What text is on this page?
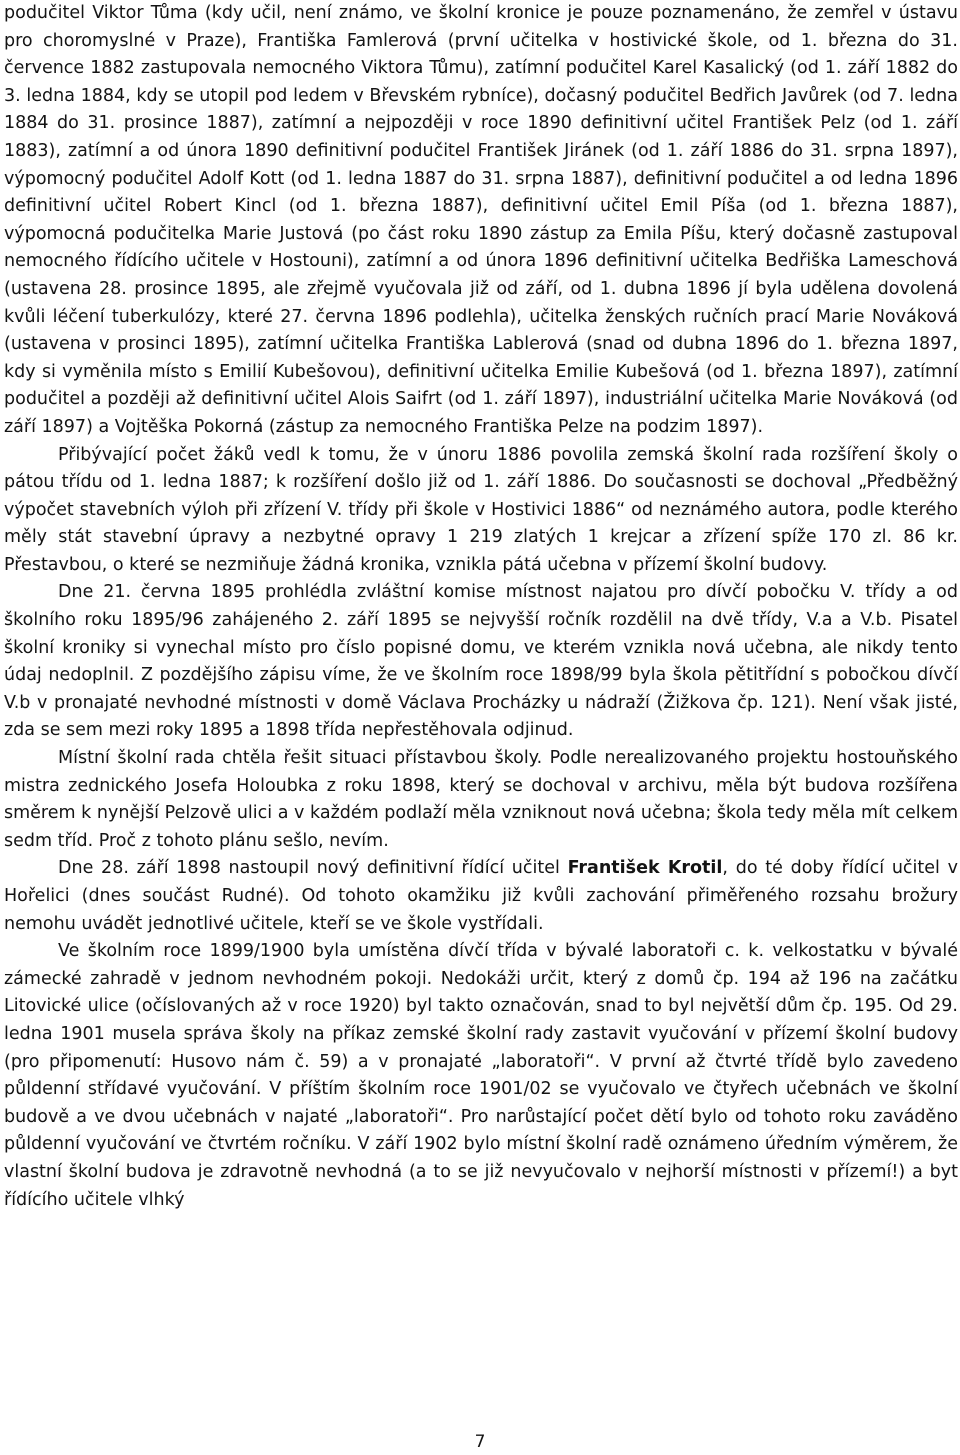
podučitel Viktor Tůma (kdy učil, není známo, ve školní kronice je pouze poznamenáno, že zemřel v ústavu pro choromyslné v Praze), Františka Famlerová (první učitelka v hostivické škole, od 1. března do 31. července 1882 zastupovala nemocného Viktora Tůmu), zatímní podučitel Karel Kasalický (od 1. září 1882 do 3. ledna 1884, kdy se utopil pod ledem v Břevském rybníce), dočasný podučitel Bedřich Javůrek (od 7. ledna 1884 do 31. prosince 1887), zatímní a nejpozději v roce 1890 definitivní učitel František Pelz (od 1. září 1883), zatímní a od února 1890 definitivní podučitel František Jiránek (od 1. září 1886 do 31. srpna 1897), výpomocný podučitel Adolf Kott (od 1. ledna 1887 do 31. srpna 1887), definitivní podučitel a od ledna 1896 definitivní učitel Robert Kincl (od 1. března 1887), definitivní učitel Emil Píša (od 1. března 1887), výpomocná podučitelka Marie Justová (po část roku 1890 zástup za Emila Píšu, který dočasně zastupoval nemocného řídícího učitele v Hostouni), zatímní a od února 1896 definitivní učitelka Bedřiška Lameschová (ustavena 28. prosince 1895, ale zřejmě vyučovala již od září, od 1. dubna 1896 jí byla udělena dovolená kvůli léčení tuberkulózy, které 27. června 1896 podlehla), učitelka ženských ručních prací Marie Nováková (ustavena v prosinci 1895), zatímní učitelka Františka Lablerová (snad od dubna 1896 do 1. března 1897, kdy si vyměnila místo s Emilií Kubešovou), definitivní učitelka Emilie Kubešová (od 1. března 1897), zatímní podučitel a později až definitivní učitel Alois Saifrt (od 1. září 1897), industriální učitelka Marie Nováková (od září 1897) a Vojtěška Pokorná (zástup za nemocného Františka Pelze na podzim 1897).

Přibývající počet žáků vedl k tomu, že v únoru 1886 povolila zemská školní rada rozšíření školy o pátou třídu od 1. ledna 1887; k rozšíření došlo již od 1. září 1886. Do současnosti se dochoval „Předběžný výpočet stavebních výloh při zřízení V. třídy při škole v Hostivici 1886“ od neznámého autora, podle kterého měly stát stavební úpravy a nezbytné opravy 1 219 zlatých 1 krejcar a zřízení spíže 170 zl. 86 kr. Přestavbou, o které se nezmiňuje žádná kronika, vznikla pátá učebna v přízemí školní budovy.

Dne 21. června 1895 prohlédla zvláštní komise místnost najatou pro dívčí pobočku V. třídy a od školního roku 1895/96 zahájeného 2. září 1895 se nejvyšší ročník rozdělil na dvě třídy, V.a a V.b. Pisatel školní kroniky si vynechal místo pro číslo popisné domu, ve kterém vznikla nová učebna, ale nikdy tento údaj nedoplnil. Z pozdějšího zápisu víme, že ve školním roce 1898/99 byla škola pětitřídní s pobočkou dívčí V.b v pronajaté nevhodné místnosti v domě Václava Procházky u nádraží (Žižkova čp. 121). Není však jisté, zda se sem mezi roky 1895 a 1898 třída nepřestěhovala odjinud.

Místní školní rada chtěla řešit situaci přístavbou školy. Podle nerealizovaného projektu hostouňského mistra zednického Josefa Holoubka z roku 1898, který se dochoval v archivu, měla být budova rozšířena směrem k nynější Pelzově ulici a v každém podlaží měla vzniknout nová učebna; škola tedy měla mít celkem sedm tříd. Proč z tohoto plánu sešlo, nevím.

Dne 28. září 1898 nastoupil nový definitivní řídící učitel František Krotil, do té doby řídící učitel v Hořelici (dnes součást Rudné). Od tohoto okamžiku již kvůli zachování přiměřeného rozsahu brožury nemohu uvádět jednotlivé učitele, kteří se ve škole vystřídali.

Ve školním roce 1899/1900 byla umístěna dívčí třída v bývalé laboratoři c. k. velkostatku v bývalé zámecké zahradě v jednom nevhodném pokoji. Nedokáži určit, který z domů čp. 194 až 196 na začátku Litovické ulice (očíslovaných až v roce 1920) byl takto označován, snad to byl největší dům čp. 195. Od 29. ledna 1901 musela správa školy na příkaz zemské školní rady zastavit vyučování v přízemí školní budovy (pro připomenutí: Husovo nám č. 59) a v pronajaté „laboratoři“. V první až čtvrté třídě bylo zavedeno půldenní střídavé vyučování. V příštím školním roce 1901/02 se vyučovalo ve čtyřech učebnách ve školní budově a ve dvou učebnách v najaté „laboratoři“. Pro narůstající počet dětí bylo od tohoto roku zaváděno půldenní vyučování ve čtvrtém ročníku. V září 1902 bylo místní školní radě oznámeno úředním výměrem, že vlastní školní budova je zdravotně nevhodná (a to se již nevyučovalo v nejhorší místnosti v přízemí!) a byt řídícího učitele vlhký

7
